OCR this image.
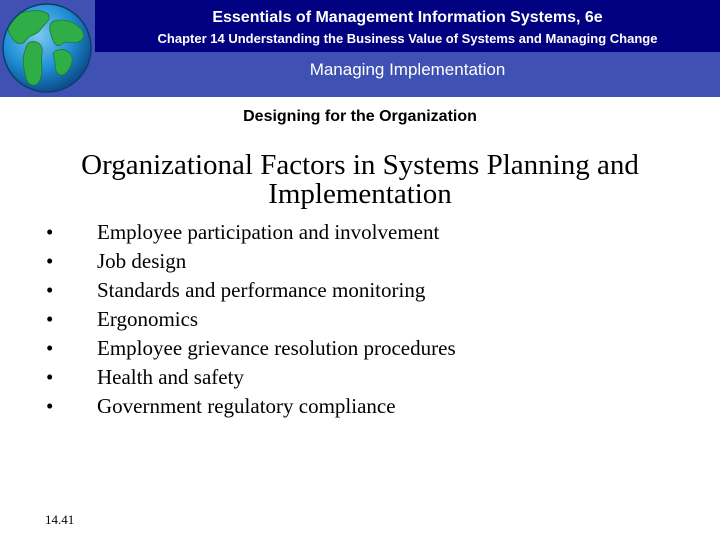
Essentials of Management Information Systems, 6e
Chapter 14 Understanding the Business Value of Systems and Managing Change
Managing Implementation
Designing for the Organization
Organizational Factors in Systems Planning and Implementation
•	Employee participation and involvement
•	Job design
•	Standards and performance monitoring
•	Ergonomics
•	Employee grievance resolution procedures
•	Health and safety
•	Government regulatory compliance
14.41
